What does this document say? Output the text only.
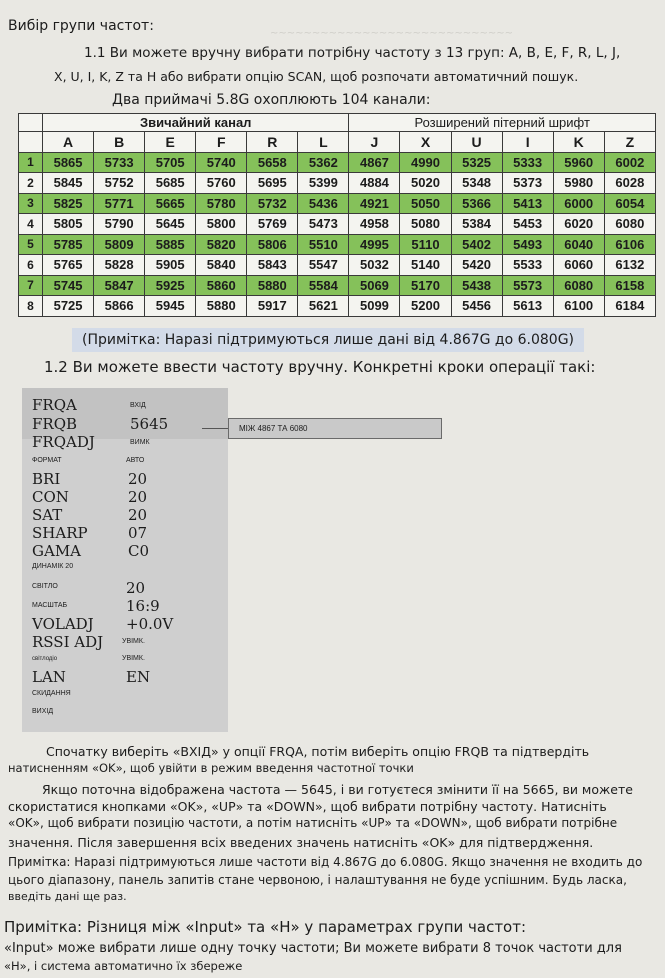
~~~~~~~~~~~~~~~~~~~~~~~~~~~~~
Вибір групи частот:
1.1 Ви можете вручну вибрати потрібну частоту з 13 груп: A, B, E, F, R, L, J,
X, U, I, K, Z та H або вибрати опцію SCAN, щоб розпочати автоматичний пошук.
Два приймачі 5.8G охоплюють 104 канали:
	Звичайний канал						Розширений пітерний шрифт					
	A	B	E	F	R	L	J	X	U	I	K	Z
1	5865	5733	5705	5740	5658	5362	4867	4990	5325	5333	5960	6002
2	5845	5752	5685	5760	5695	5399	4884	5020	5348	5373	5980	6028
3	5825	5771	5665	5780	5732	5436	4921	5050	5366	5413	6000	6054
4	5805	5790	5645	5800	5769	5473	4958	5080	5384	5453	6020	6080
5	5785	5809	5885	5820	5806	5510	4995	5110	5402	5493	6040	6106
6	5765	5828	5905	5840	5843	5547	5032	5140	5420	5533	6060	6132
7	5745	5847	5925	5860	5880	5584	5069	5170	5438	5573	6080	6158
8	5725	5866	5945	5880	5917	5621	5099	5200	5456	5613	6100	6184
(Примітка: Наразі підтримуються лише дані від 4.867G до 6.080G)
1.2 Ви можете ввести частоту вручну. Конкретні кроки операції такі:
FRQA	ВХІД
FRQB	5645
FRQADJ	ВИМК
ФОРМАТ	АВТО
BRI	20
CON	20
SAT	20
SHARP	07
GAMA	C0
ДИНАМІК 20
СВІТЛО	20
МАСШТАБ	16:9
VOLADJ +0.0V
RSSI ADJ	УВІМК.
світлодіо	УВІМК.
LAN	EN
СКИДАННЯ
ВИХІД
МІЖ 4867 ТА 6080
Спочатку виберіть «ВХІД» у опції FRQA, потім виберіть опцію FRQB та підтвердіть
натисненням «OK», щоб увійти в режим введення частотної точки
Якщо поточна відображена частота — 5645, і ви готуєтеся змінити її на 5665, ви можете
скористатися кнопками «OK», «UP» та «DOWN», щоб вибрати потрібну частоту. Натисніть
«OK», щоб вибрати позицію частоти, а потім натисніть «UP» та «DOWN», щоб вибрати потрібне
значення. Після завершення всіх введених значень натисніть «OK» для підтвердження.
Примітка: Наразі підтримуються лише частоти від 4.867G до 6.080G. Якщо значення не входить до
цього діапазону, панель запитів стане червоною, і налаштування не буде успішним. Будь ласка,
введіть дані ще раз.
Примітка: Різниця між «Input» та «H» у параметрах групи частот:
«Input» може вибрати лише одну точку частоти; Ви можете вибрати 8 точок частоти для
«H», і система автоматично їх збереже
